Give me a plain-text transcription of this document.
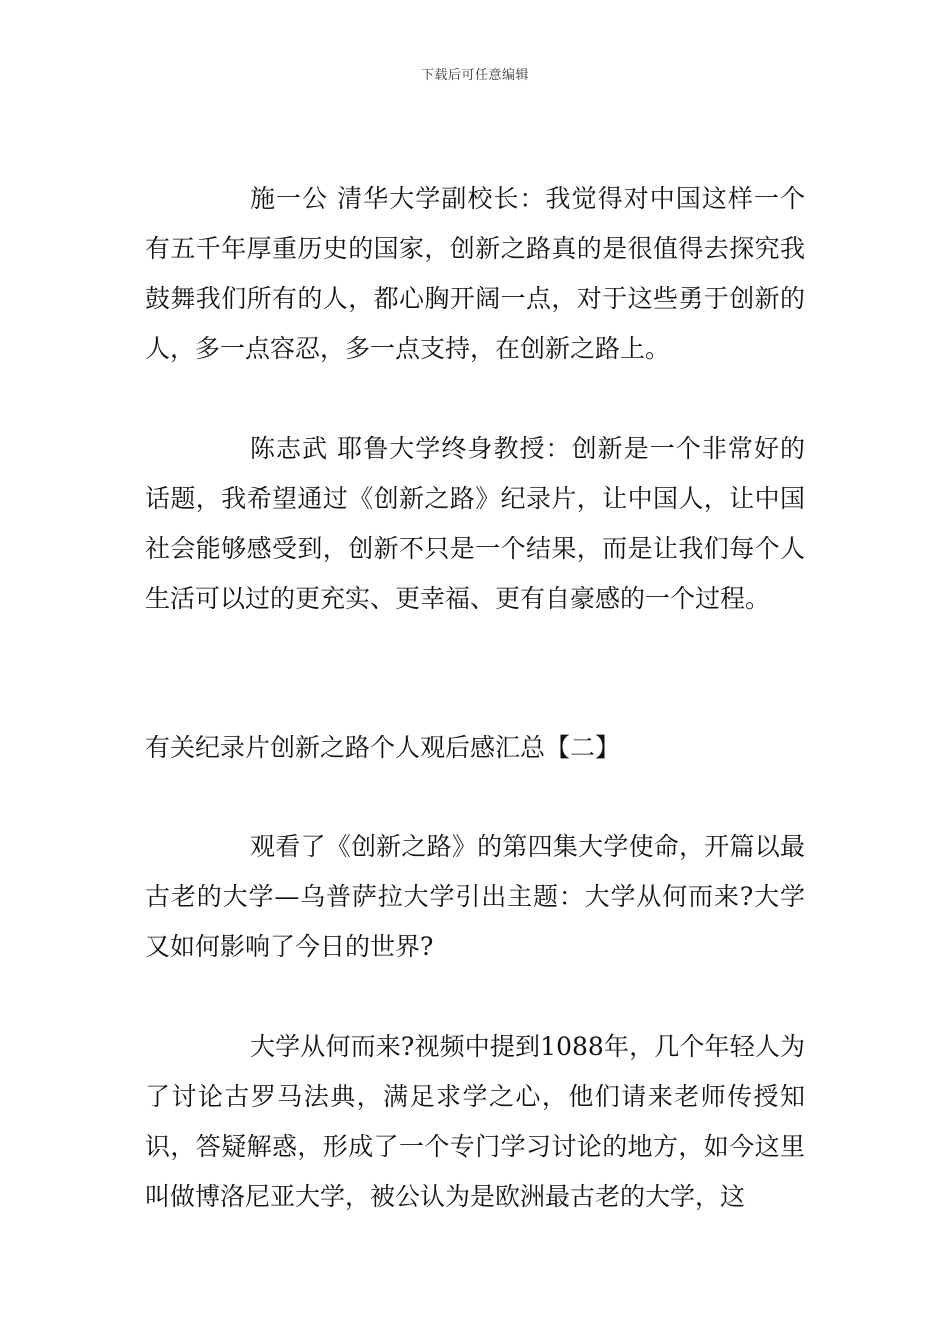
下载后可任意编辑

施一公 清华大学副校长：我觉得对中国这样一个有五千年厚重历史的国家，创新之路真的是很值得去探究我鼓舞我们所有的人，都心胸开阔一点，对于这些勇于创新的人，多一点容忍，多一点支持，在创新之路上。

陈志武 耶鲁大学终身教授：创新是一个非常好的话题，我希望通过《创新之路》纪录片，让中国人，让中国社会能够感受到，创新不只是一个结果，而是让我们每个人生活可以过的更充实、更幸福、更有自豪感的一个过程。

有关纪录片创新之路个人观后感汇总【二】

观看了《创新之路》的第四集大学使命，开篇以最古老的大学—乌普萨拉大学引出主题：大学从何而来?大学又如何影响了今日的世界?

大学从何而来?视频中提到1088年，几个年轻人为了讨论古罗马法典，满足求学之心，他们请来老师传授知识，答疑解惑，形成了一个专门学习讨论的地方，如今这里叫做博洛尼亚大学，被公认为是欧洲最古老的大学，这
